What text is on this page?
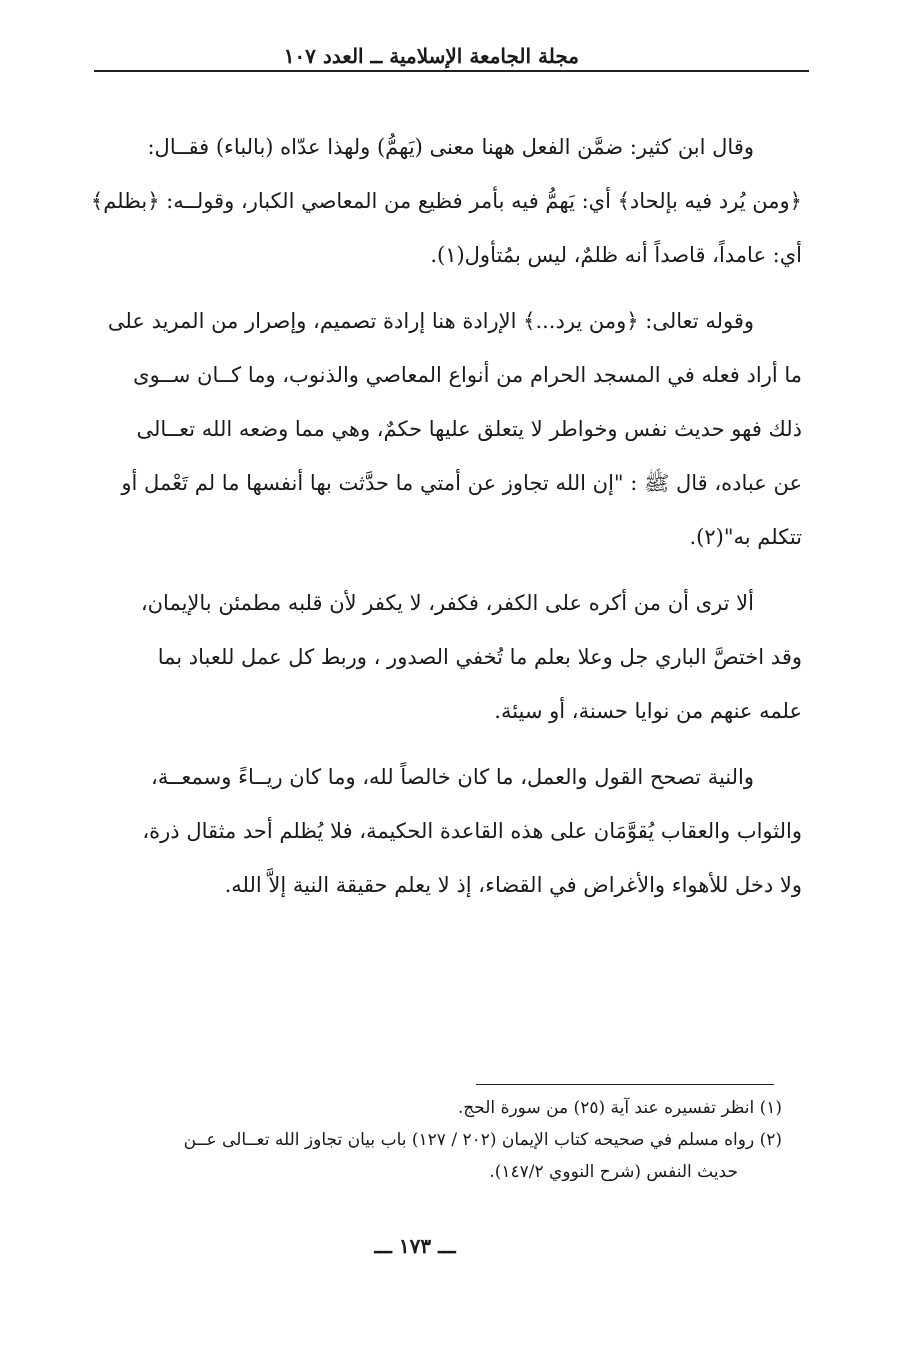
مجلة الجامعة الإسلامية ــ العدد ١٠٧

وقال ابن كثير: ضمَّن الفعل ههنا معنى (يَهمُّ) ولهذا عدّاه (بالباء) فقــال:
﴿ومن يُرد فيه بإلحاد﴾ أي: يَهمُّ فيه بأمر فظيع من المعاصي الكبار، وقولــه: ﴿بظلم﴾
أي: عامداً، قاصداً أنه ظلمٌ، ليس بمُتأول(١).

وقوله تعالى: ﴿ومن يرد...﴾ الإرادة هنا إرادة تصميم، وإصرار من المريد على
ما أراد فعله في المسجد الحرام من أنواع المعاصي والذنوب، وما كــان ســوى
ذلك فهو حديث نفس وخواطر لا يتعلق عليها حكمٌ، وهي مما وضعه الله تعــالى
عن عباده، قال ﷺ : "إن الله تجاوز عن أمتي ما حدَّثت بها أنفسها ما لم تَعْمل أو
تتكلم به"(٢).

ألا ترى أن من أكره على الكفر، فكفر، لا يكفر لأن قلبه مطمئن بالإيمان،
وقد اختصَّ الباري جل وعلا بعلم ما تُخفي الصدور ، وربط كل عمل للعباد بما
علمه عنهم من نوايا حسنة، أو سيئة.

والنية تصحح القول والعمل، ما كان خالصاً لله، وما كان ريــاءً وسمعــة،
والثواب والعقاب يُقوَّمَان على هذه القاعدة الحكيمة، فلا يُظلم أحد مثقال ذرة،
ولا دخل للأهواء والأغراض في القضاء، إذ لا يعلم حقيقة النية إلاَّ الله.

(١) انظر تفسيره عند آية (٢٥) من سورة الحج.
(٢) رواه مسلم في صحيحه كتاب الإيمان (٢٠٢ / ١٢٧) باب بيان تجاوز الله تعــالى عــن
حديث النفس (شرح النووي ١٤٧/٢).
ـــ ١٧٣ ـــ
